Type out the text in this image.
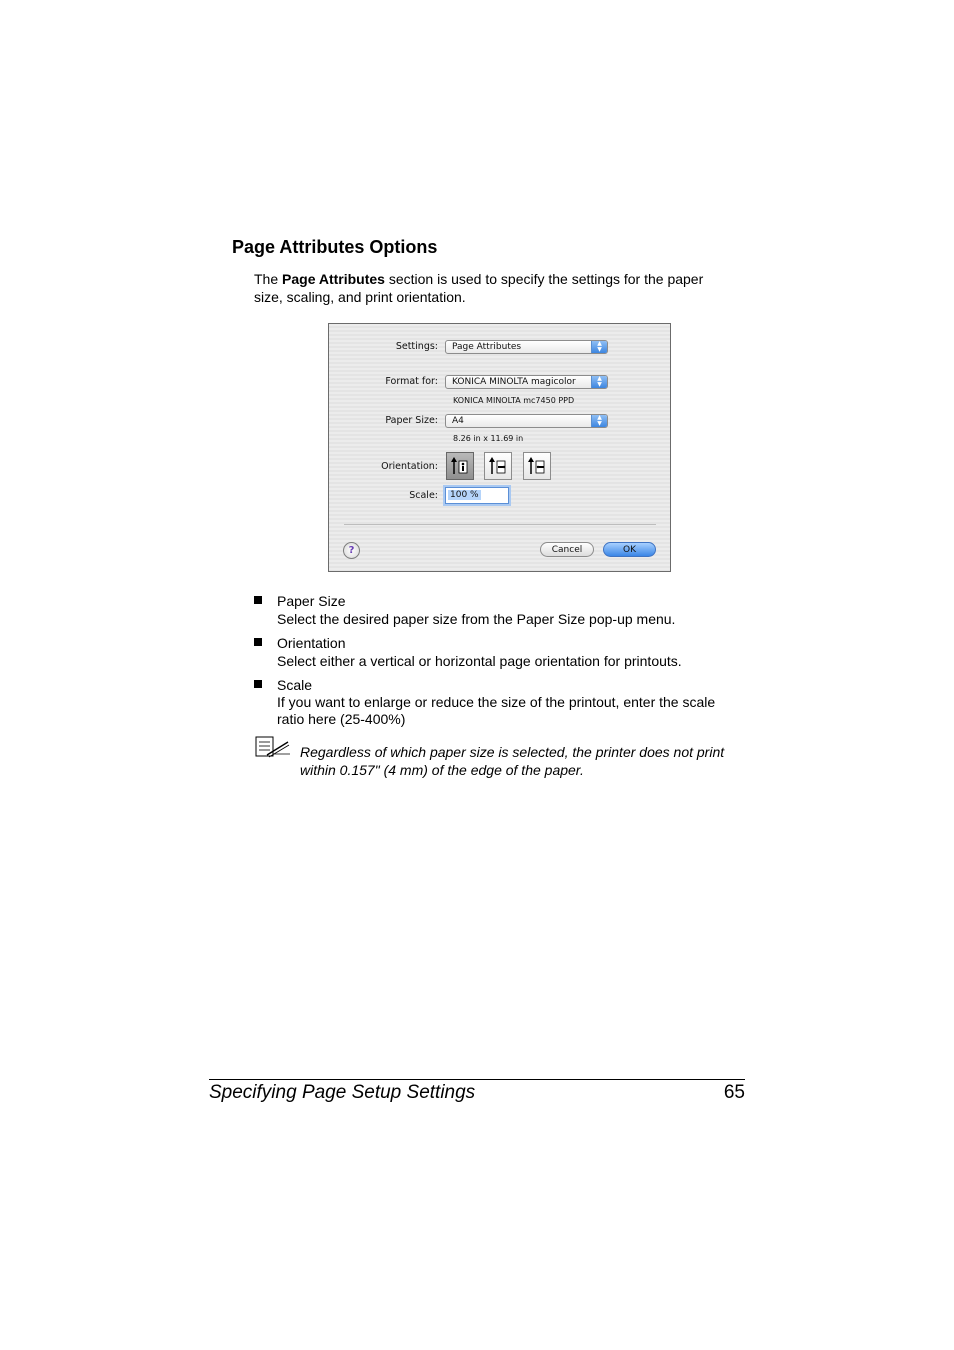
Page Attributes Options
The Page Attributes section is used to specify the settings for the paper size, scaling, and print orientation.
Settings: Page Attributes	▲
▼
Format for: KONICA MINOLTA magicolor	▲
▼
KONICA MINOLTA mc7450 PPD
Paper Size: A4	▲
▼
8.26 in x 11.69 in
Orientation:
Scale: 100 %
?	Cancel	OK
Paper Size
Select the desired paper size from the Paper Size pop-up menu.
Orientation
Select either a vertical or horizontal page orientation for printouts.
Scale
If you want to enlarge or reduce the size of the printout, enter the scale ratio here (25-400%)
Regardless of which paper size is selected, the printer does not print within 0.157" (4 mm) of the edge of the paper.
Specifying Page Setup Settings	65
